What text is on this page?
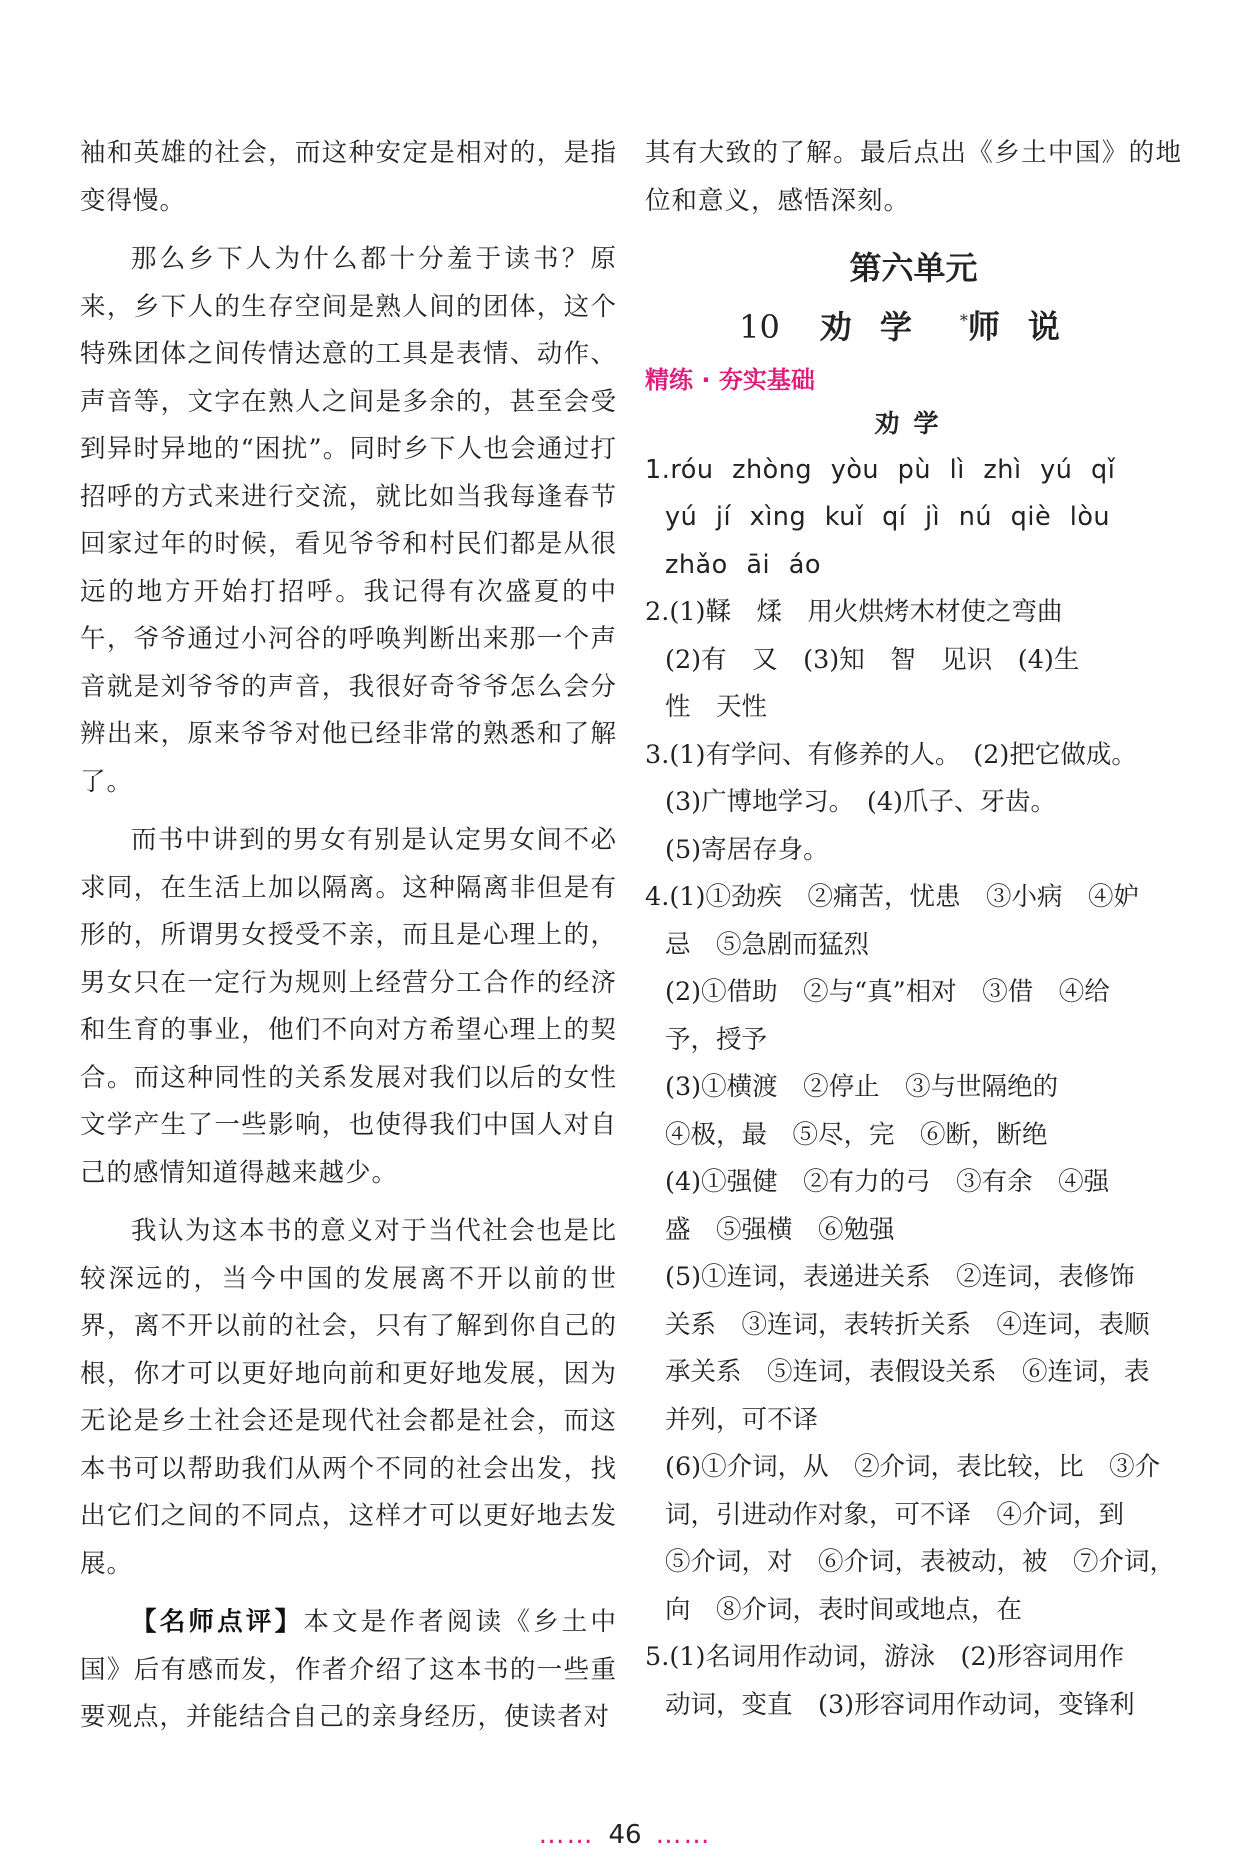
袖和英雄的社会，而这种安定是相对的，是指变得慢。

那么乡下人为什么都十分羞于读书？原来，乡下人的生存空间是熟人间的团体，这个特殊团体之间传情达意的工具是表情、动作、声音等，文字在熟人之间是多余的，甚至会受到异时异地的“困扰”。同时乡下人也会通过打招呼的方式来进行交流，就比如当我每逢春节回家过年的时候，看见爷爷和村民们都是从很远的地方开始打招呼。我记得有次盛夏的中午，爷爷通过小河谷的呼唤判断出来那一个声音就是刘爷爷的声音，我很好奇爷爷怎么会分辨出来，原来爷爷对他已经非常的熟悉和了解了。

而书中讲到的男女有别是认定男女间不必求同，在生活上加以隔离。这种隔离非但是有形的，所谓男女授受不亲，而且是心理上的，男女只在一定行为规则上经营分工合作的经济和生育的事业，他们不向对方希望心理上的契合。而这种同性的关系发展对我们以后的女性文学产生了一些影响，也使得我们中国人对自己的感情知道得越来越少。

我认为这本书的意义对于当代社会也是比较深远的，当今中国的发展离不开以前的世界，离不开以前的社会，只有了解到你自己的根，你才可以更好地向前和更好地发展，因为无论是乡土社会还是现代社会都是社会，而这本书可以帮助我们从两个不同的社会出发，找出它们之间的不同点，这样才可以更好地去发展。

【名师点评】本文是作者阅读《乡土中国》后有感而发，作者介绍了这本书的一些重要观点，并能结合自己的亲身经历，使读者对

其有大致的了解。最后点出《乡土中国》的地位和意义，感悟深刻。

第六单元
10 劝学 *师说
精练 · 夯实基础
劝学

1.róu zhòng yòu pù lì zhì yú qǐ

yú jí xìng kuǐ qí jì nú qiè lòu

zhǎo āi áo

2.(1)鞣　煣　用火烘烤木材使之弯曲

(2)有　又　(3)知　智　见识　(4)生

性　天性

3.(1)有学问、有修养的人。　(2)把它做成。

(3)广博地学习。　(4)爪子、牙齿。

(5)寄居存身。

4.(1)①劲疾　②痛苦，忧患　③小病　④妒

忌　⑤急剧而猛烈

(2)①借助　②与“真”相对　③借　④给

予，授予

(3)①横渡　②停止　③与世隔绝的

④极，最　⑤尽，完　⑥断，断绝

(4)①强健　②有力的弓　③有余　④强

盛　⑤强横　⑥勉强

(5)①连词，表递进关系　②连词，表修饰

关系　③连词，表转折关系　④连词，表顺

承关系　⑤连词，表假设关系　⑥连词，表

并列，可不译

(6)①介词，从　②介词，表比较，比　③介

词，引进动作对象，可不译　④介词，到

⑤介词，对　⑥介词，表被动，被　⑦介词，

向　⑧介词，表时间或地点，在

5.(1)名词用作动词，游泳　(2)形容词用作

动词，变直　(3)形容词用作动词，变锋利

…… 46 ……
